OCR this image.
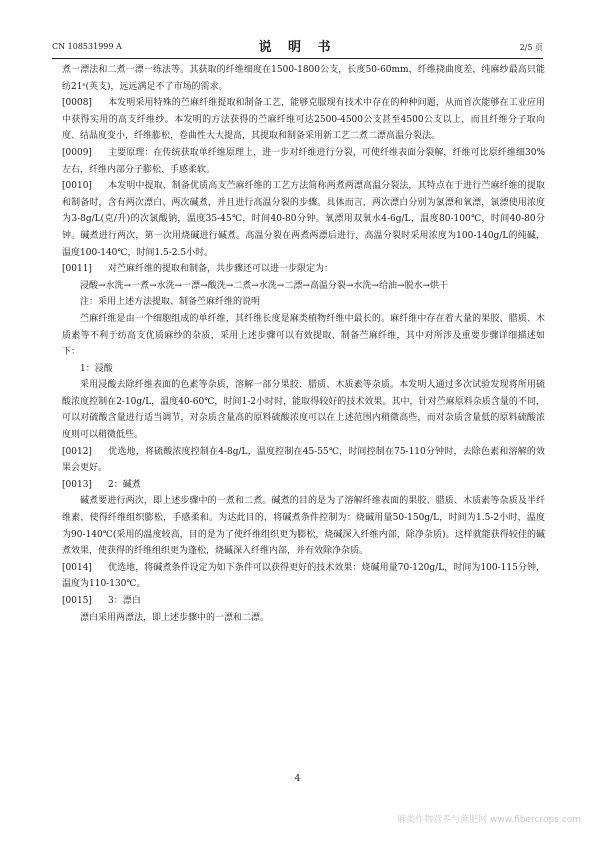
CN 108531999 A	说 明 书	2/5 页

煮一漂法和二煮一漂一练法等。其获取的纤维细度在1500-1800公支，长度50-60mm，纤维挠曲度差，纯麻纱最高只能纺21ˢ(英支)，远远满足不了市场的需求。

[0008] 本发明采用特殊的苎麻纤维提取和制备工艺，能够克服现有技术中存在的种种问题，从而首次能够在工业应用中获得实用的高支纤维纱。本发明的方法获得的苎麻纤维可达2500-4500公支甚至4500公支以上，而且纤维分子取向度、结晶度变小，纤维膨松，卷曲性大大提高，其提取和制备采用新工艺二煮二漂高温分裂法。

[0009] 主要原理：在传统获取单纤维原理上，进一步对纤维进行分裂，可使纤维表面分裂解，纤维可比原纤维细30%左右，纤维内部分子膨松、手感柔软。

[0010] 本发明中提取、制备优质高支苎麻纤维的工艺方法简称两煮两漂高温分裂法，其特点在于进行苎麻纤维的提取和制备时，含有两次漂白、两次碱煮，并且进行高温分裂的步骤。具体而言，两次漂白分别为氯漂和氧漂，氯漂使用浓度为3-8g/L(克/升)的次氯酸钠，温度35-45℃，时间40-80分钟。氧漂用双氧水4-6g/L，温度80-100℃，时间40-80分钟。碱煮进行两次，第一次用烧碱进行碱煮。高温分裂在两煮两漂后进行，高温分裂时采用浓度为100-140g/L的纯碱，温度100-140℃，时间1.5-2.5小时。

[0011] 对苎麻纤维的提取和制备，共步骤还可以进一步限定为：

浸酸→水洗→一煮→水洗→一漂→酸洗→二煮→水洗→二漂→高温分裂→水洗→给油→脱水→烘干

注：采用上述方法提取、制备苎麻纤维的说明

苎麻纤维是由一个细胞组成的单纤维，其纤维长度是麻类植物纤维中最长的。麻纤维中存在着大量的果胶、腊质、木质素等不利于纺高支优质麻纱的杂质，采用上述步骤可以有效提取、制备苎麻纤维，其中对所涉及重要步骤详细描述如下：

1：浸酸

采用浸酸去除纤维表面的色素等杂质，溶解一部分果胶、腊质、木质素等杂质。本发明人通过多次试验发现将所用硫酸浓度控制在2-10g/L，温度40-60℃，时间1-2小时时，能取得较好的技术效果。其中，针对苎麻原料杂质含量的不同，可以对硫酸含量进行适当调节，对杂质含量高的原料硫酸浓度可以在上述范围内稍微高些，而对杂质含量低的原料硫酸浓度则可以稍微低些。

[0012] 优选地，将硫酸浓度控制在4-8g/L，温度控制在45-55℃，时间控制在75-110分钟时，去除色素和溶解的效果会更好。

[0013] 2：碱煮

碱煮要进行两次，即上述步骤中的一煮和二煮。碱煮的目的是为了溶解纤维表面的果胶、腊质、木质素等杂质及半纤维素，使得纤维组织膨松，手感柔和。为达此目的，将碱煮条件控制为：烧碱用量50-150g/L，时间为1.5-2小时，温度为90-140℃(采用的温度较高，目的是为了使纤维组织更为膨松，烧碱深入纤维内部，除净杂质)。这样就能获得较佳的碱煮效果，使获得的纤维组织更为蓬松，烧碱深入纤维内部，并有效除净杂质。

[0014] 优选地，将碱煮条件设定为如下条件可以获得更好的技术效果：烧碱用量70-120g/L，时间为100-115分钟，温度为110-130℃。

[0015] 3：漂白

漂白采用两漂法，即上述步骤中的一漂和二漂。

4
麻类作物营养与施肥网 www.fibercrops.com
